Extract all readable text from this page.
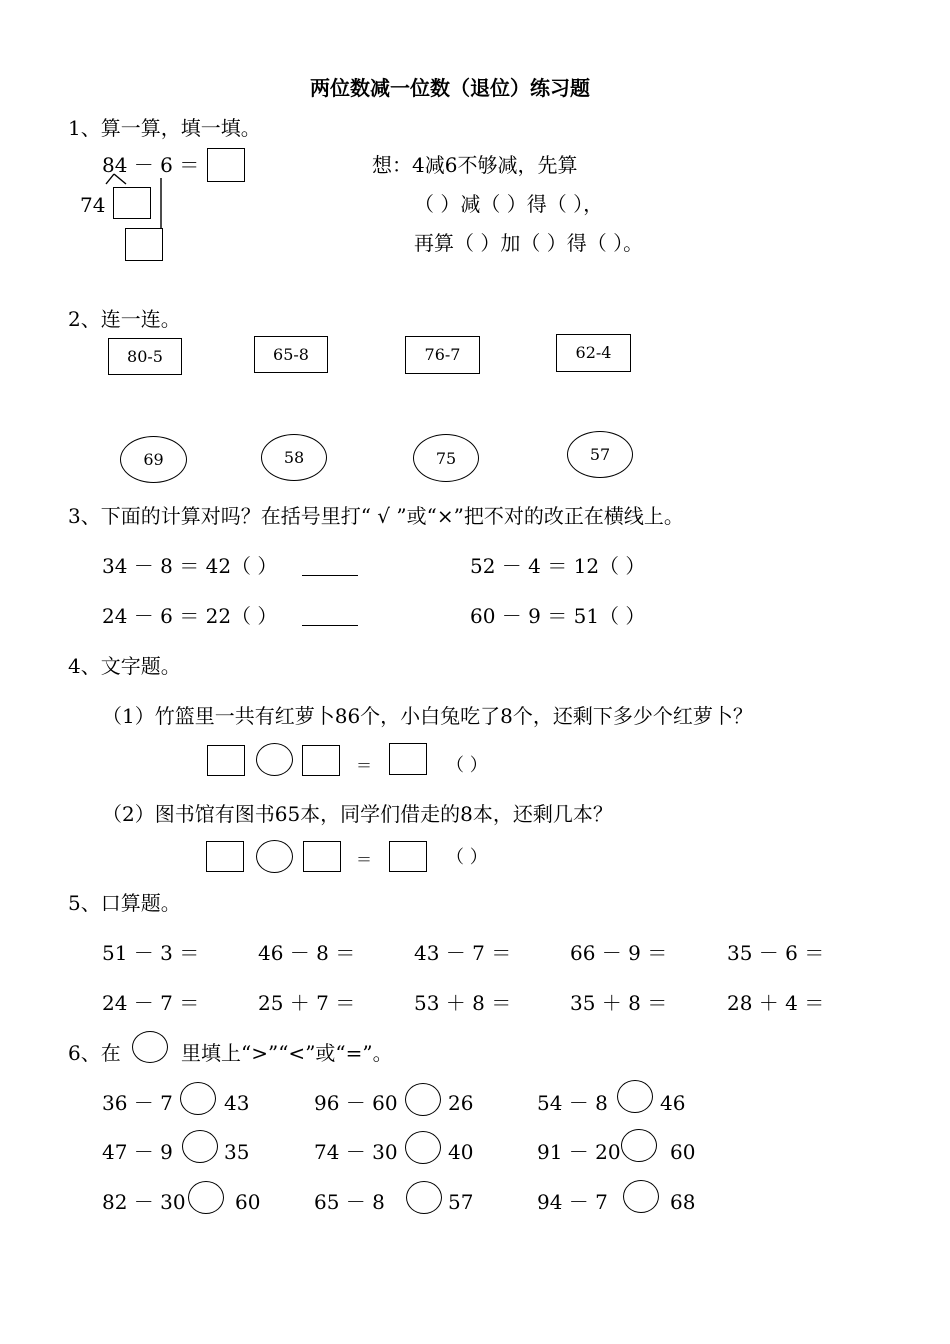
两位数减一位数（退位）练习题
1、算一算，填一填。
84 － 6 ＝
74
想：4减6不够减，先算
（ ）减（ ）得（ ），
再算（ ）加（ ）得（ ）。
2、连一连。
80-5	65-8	76-7	62-4
69	58	75	57
3、下面的计算对吗？在括号里打“ √ ”或“×”把不对的改正在横线上。
34 － 8 ＝ 42（ ）	52 － 4 ＝ 12（ ）
24 － 6 ＝ 22（ ）	60 － 9 ＝ 51（ ）
4、文字题。
（1）竹篮里一共有红萝卜86个，小白兔吃了8个，还剩下多少个红萝卜？
＝	（ ）
（2）图书馆有图书65本，同学们借走的8本，还剩几本？
＝	（ ）
5、口算题。
51 － 3 ＝	46 － 8 ＝	43 － 7 ＝	66 － 9 ＝	35 － 6 ＝
24 － 7 ＝	25 ＋ 7 ＝	53 ＋ 8 ＝	35 ＋ 8 ＝	28 ＋ 4 ＝
6、在	里填上“>”“<”或“=”。
36 － 7	43	96 － 60	26	54 － 8	46
47 － 9	35	74 － 30	40	91 － 20 60
82 － 30 60	65 － 8	57	94 － 7	68
